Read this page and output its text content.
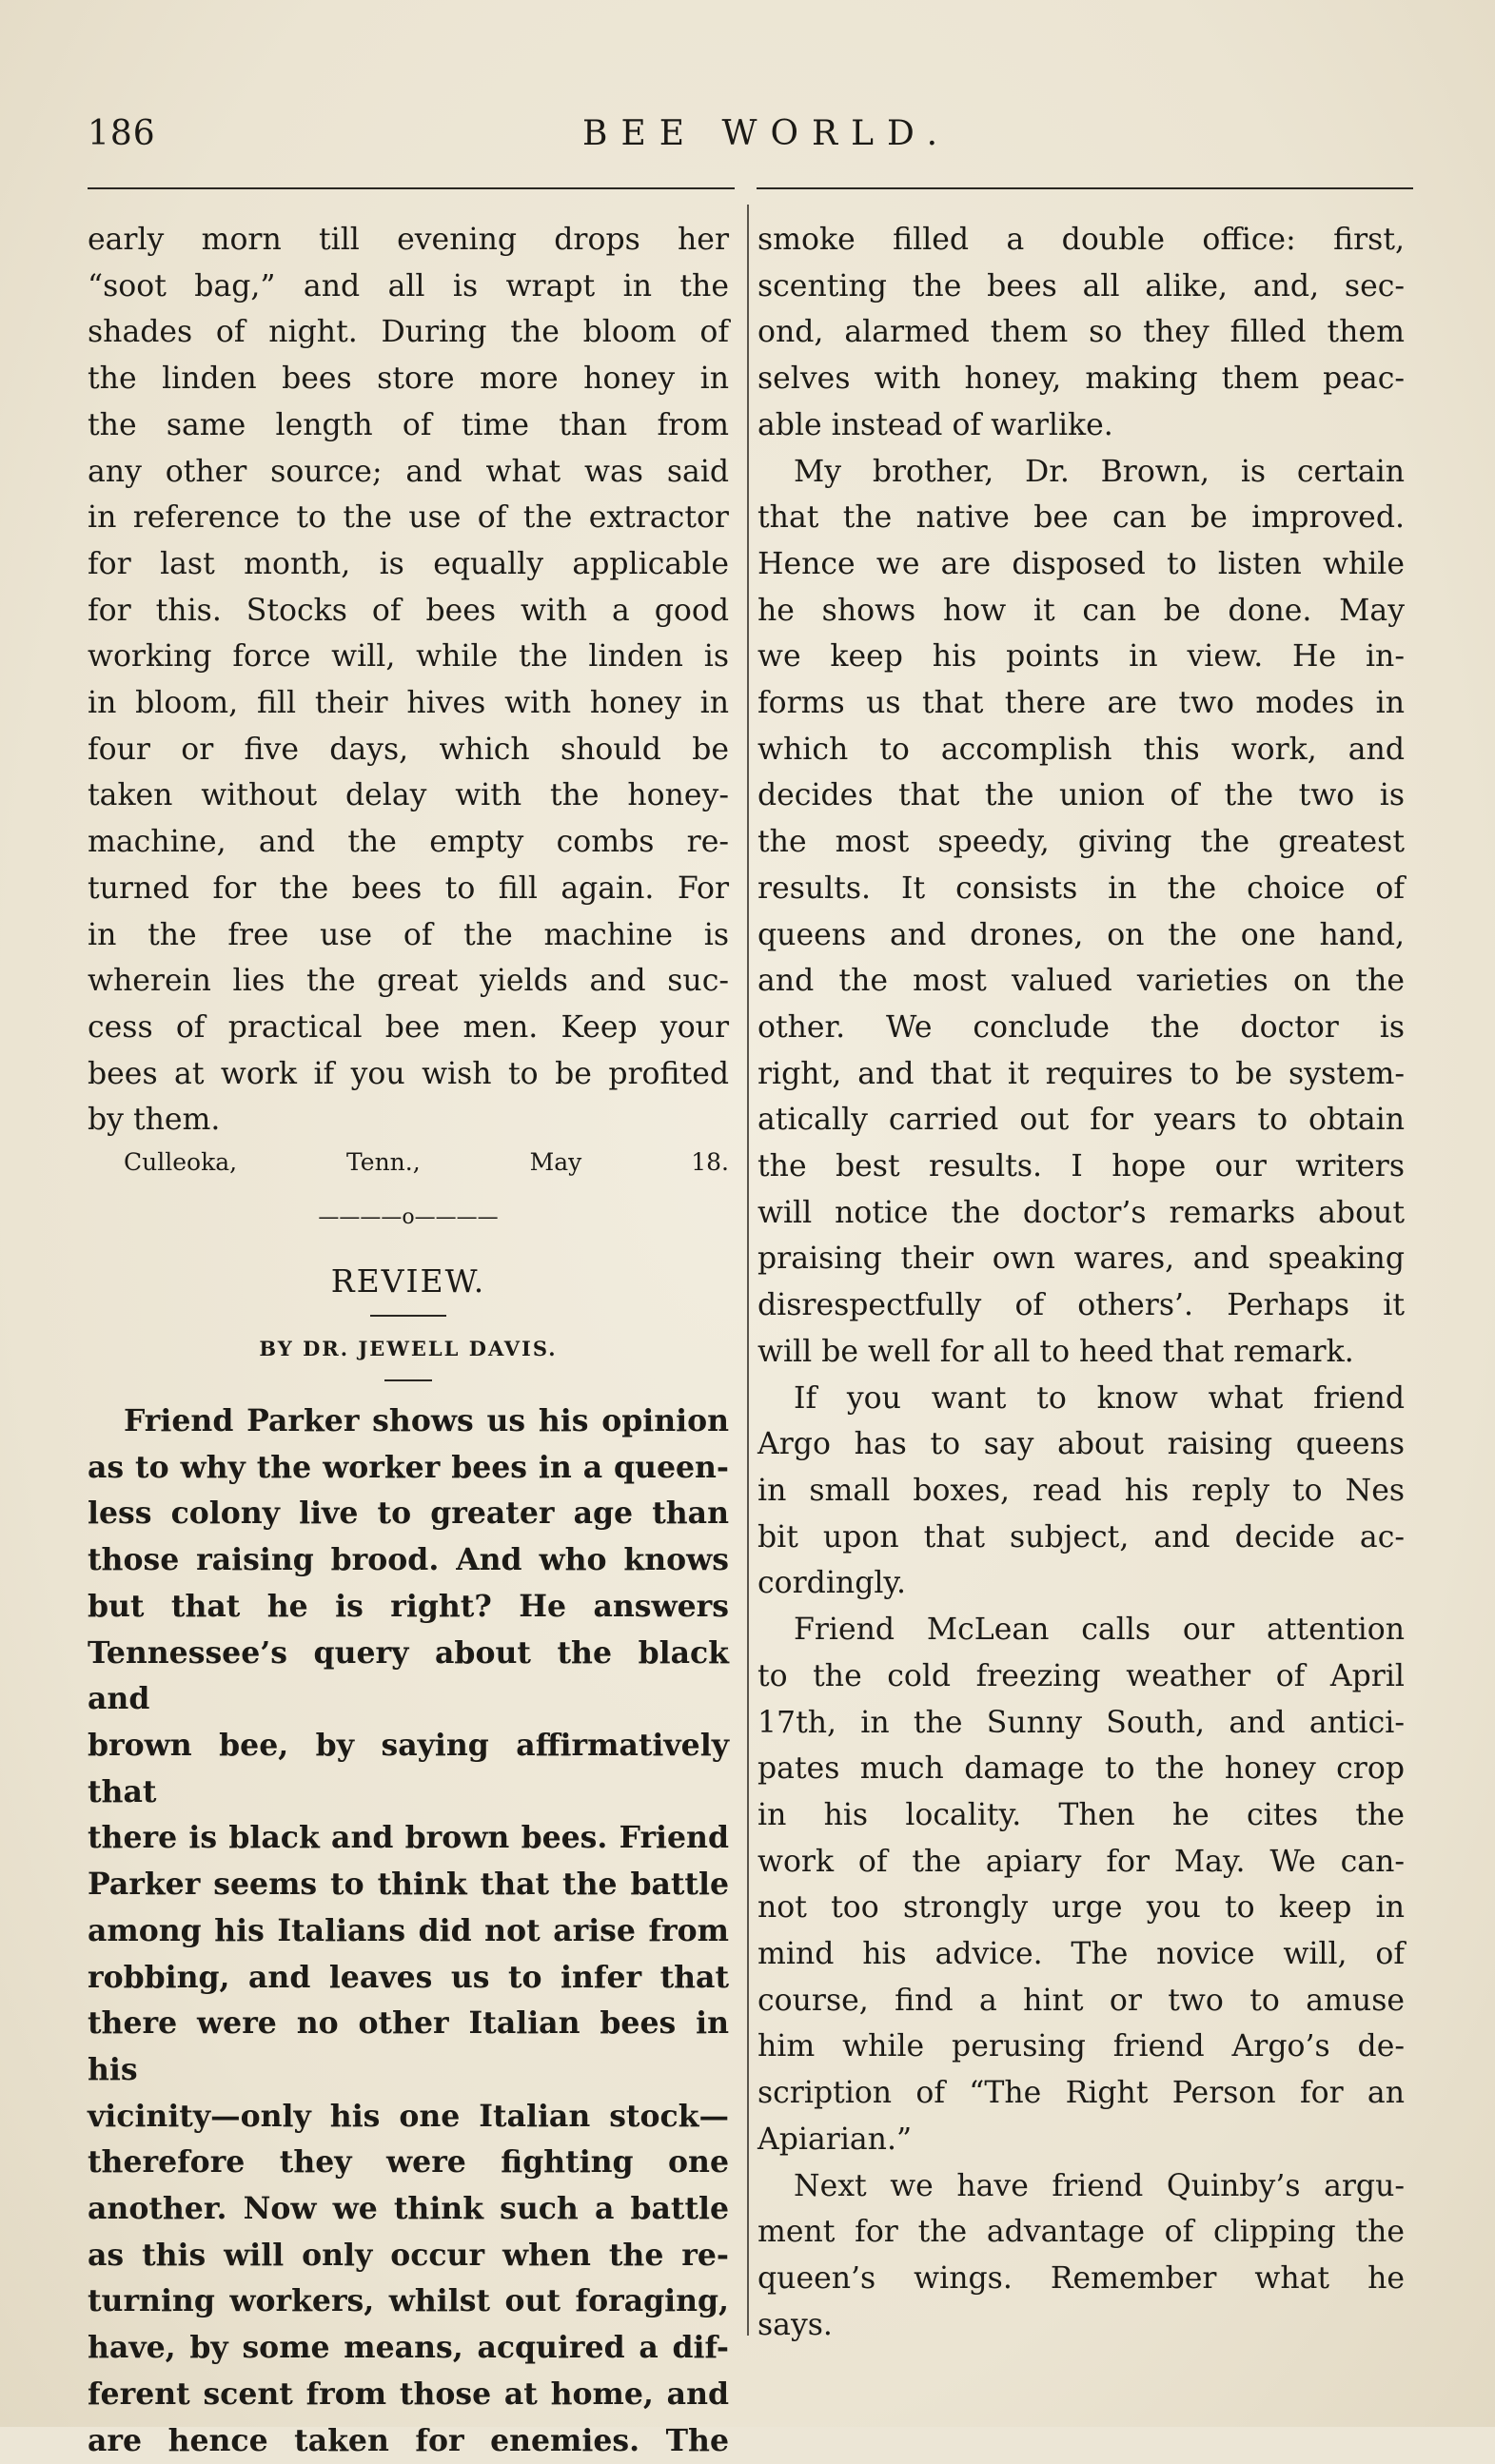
186	BEE WORLD.

early morn till evening drops her

“soot bag,” and all is wrapt in the

shades of night. During the bloom of

the linden bees store more honey in

the same length of time than from

any other source; and what was said

in reference to the use of the extractor

for last month, is equally applicable

for this. Stocks of bees with a good

working force will, while the linden is

in bloom, fill their hives with honey in

four or five days, which should be

taken without delay with the honey-

machine, and the empty combs re-

turned for the bees to fill again. For

in the free use of the machine is

wherein lies the great yields and suc-

cess of practical bee men. Keep your

bees at work if you wish to be profited

by them.

Culleoka, Tenn., May 18.

————o————
REVIEW.
BY DR. JEWELL DAVIS.

Friend Parker shows us his opinion

as to why the worker bees in a queen-

less colony live to greater age than

those raising brood. And who knows

but that he is right? He answers

Tennessee’s query about the black and

brown bee, by saying affirmatively that

there is black and brown bees. Friend

Parker seems to think that the battle

among his Italians did not arise from

robbing, and leaves us to infer that

there were no other Italian bees in his

vicinity—only his one Italian stock—

therefore they were fighting one

another. Now we think such a battle

as this will only occur when the re-

turning workers, whilst out foraging,

have, by some means, acquired a dif-

ferent scent from those at home, and

are hence taken for enemies. The

smoke filled a double office: first,

scenting the bees all alike, and, sec-

ond, alarmed them so they filled them

selves with honey, making them peac-

able instead of warlike.

My brother, Dr. Brown, is certain

that the native bee can be improved.

Hence we are disposed to listen while

he shows how it can be done. May

we keep his points in view. He in-

forms us that there are two modes in

which to accomplish this work, and

decides that the union of the two is

the most speedy, giving the greatest

results. It consists in the choice of

queens and drones, on the one hand,

and the most valued varieties on the

other. We conclude the doctor is

right, and that it requires to be system-

atically carried out for years to obtain

the best results. I hope our writers

will notice the doctor’s remarks about

praising their own wares, and speaking

disrespectfully of others’. Perhaps it

will be well for all to heed that remark.

If you want to know what friend

Argo has to say about raising queens

in small boxes, read his reply to Nes

bit upon that subject, and decide ac-

cordingly.

Friend McLean calls our attention

to the cold freezing weather of April

17th, in the Sunny South, and antici-

pates much damage to the honey crop

in his locality. Then he cites the

work of the apiary for May. We can-

not too strongly urge you to keep in

mind his advice. The novice will, of

course, find a hint or two to amuse

him while perusing friend Argo’s de-

scription of “The Right Person for an

Apiarian.”

Next we have friend Quinby’s argu-

ment for the advantage of clipping the

queen’s wings. Remember what he

says.
